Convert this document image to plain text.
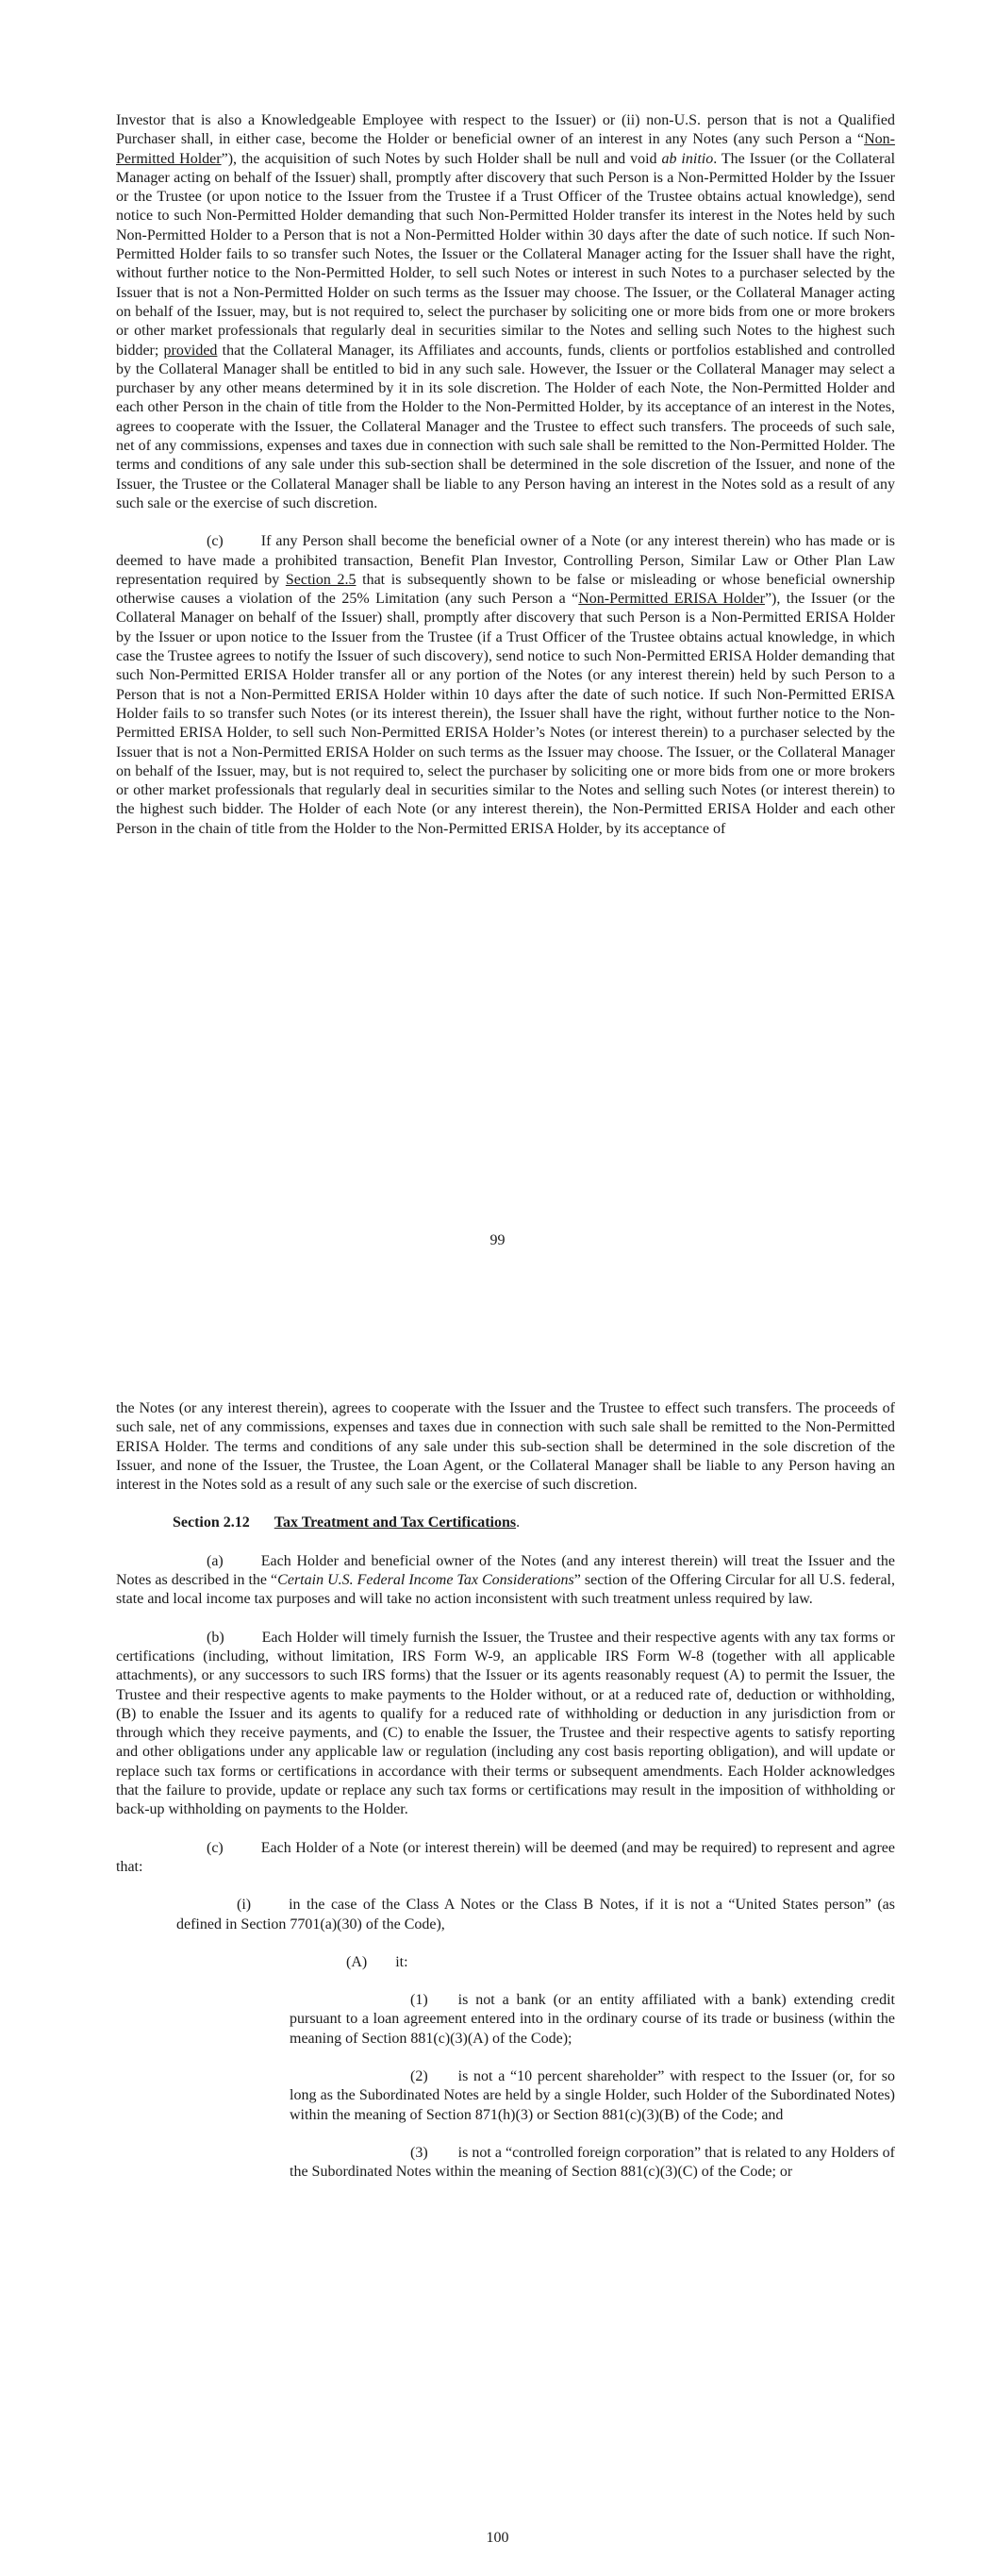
Investor that is also a Knowledgeable Employee with respect to the Issuer) or (ii) non-U.S. person that is not a Qualified Purchaser shall, in either case, become the Holder or beneficial owner of an interest in any Notes (any such Person a “Non-Permitted Holder”), the acquisition of such Notes by such Holder shall be null and void ab initio. The Issuer (or the Collateral Manager acting on behalf of the Issuer) shall, promptly after discovery that such Person is a Non-Permitted Holder by the Issuer or the Trustee (or upon notice to the Issuer from the Trustee if a Trust Officer of the Trustee obtains actual knowledge), send notice to such Non-Permitted Holder demanding that such Non-Permitted Holder transfer its interest in the Notes held by such Non-Permitted Holder to a Person that is not a Non-Permitted Holder within 30 days after the date of such notice. If such Non-Permitted Holder fails to so transfer such Notes, the Issuer or the Collateral Manager acting for the Issuer shall have the right, without further notice to the Non-Permitted Holder, to sell such Notes or interest in such Notes to a purchaser selected by the Issuer that is not a Non-Permitted Holder on such terms as the Issuer may choose. The Issuer, or the Collateral Manager acting on behalf of the Issuer, may, but is not required to, select the purchaser by soliciting one or more bids from one or more brokers or other market professionals that regularly deal in securities similar to the Notes and selling such Notes to the highest such bidder; provided that the Collateral Manager, its Affiliates and accounts, funds, clients or portfolios established and controlled by the Collateral Manager shall be entitled to bid in any such sale. However, the Issuer or the Collateral Manager may select a purchaser by any other means determined by it in its sole discretion. The Holder of each Note, the Non-Permitted Holder and each other Person in the chain of title from the Holder to the Non-Permitted Holder, by its acceptance of an interest in the Notes, agrees to cooperate with the Issuer, the Collateral Manager and the Trustee to effect such transfers. The proceeds of such sale, net of any commissions, expenses and taxes due in connection with such sale shall be remitted to the Non-Permitted Holder. The terms and conditions of any sale under this sub-section shall be determined in the sole discretion of the Issuer, and none of the Issuer, the Trustee or the Collateral Manager shall be liable to any Person having an interest in the Notes sold as a result of any such sale or the exercise of such discretion.

(c)	If any Person shall become the beneficial owner of a Note (or any interest therein) who has made or is deemed to have made a prohibited transaction, Benefit Plan Investor, Controlling Person, Similar Law or Other Plan Law representation required by Section 2.5 that is subsequently shown to be false or misleading or whose beneficial ownership otherwise causes a violation of the 25% Limitation (any such Person a “Non-Permitted ERISA Holder”), the Issuer (or the Collateral Manager on behalf of the Issuer) shall, promptly after discovery that such Person is a Non-Permitted ERISA Holder by the Issuer or upon notice to the Issuer from the Trustee (if a Trust Officer of the Trustee obtains actual knowledge, in which case the Trustee agrees to notify the Issuer of such discovery), send notice to such Non-Permitted ERISA Holder demanding that such Non-Permitted ERISA Holder transfer all or any portion of the Notes (or any interest therein) held by such Person to a Person that is not a Non-Permitted ERISA Holder within 10 days after the date of such notice. If such Non-Permitted ERISA Holder fails to so transfer such Notes (or its interest therein), the Issuer shall have the right, without further notice to the Non-Permitted ERISA Holder, to sell such Non-Permitted ERISA Holder’s Notes (or interest therein) to a purchaser selected by the Issuer that is not a Non-Permitted ERISA Holder on such terms as the Issuer may choose. The Issuer, or the Collateral Manager on behalf of the Issuer, may, but is not required to, select the purchaser by soliciting one or more bids from one or more brokers or other market professionals that regularly deal in securities similar to the Notes and selling such Notes (or interest therein) to the highest such bidder. The Holder of each Note (or any interest therein), the Non-Permitted ERISA Holder and each other Person in the chain of title from the Holder to the Non-Permitted ERISA Holder, by its acceptance of

99

the Notes (or any interest therein), agrees to cooperate with the Issuer and the Trustee to effect such transfers. The proceeds of such sale, net of any commissions, expenses and taxes due in connection with such sale shall be remitted to the Non-Permitted ERISA Holder. The terms and conditions of any sale under this sub-section shall be determined in the sole discretion of the Issuer, and none of the Issuer, the Trustee, the Loan Agent, or the Collateral Manager shall be liable to any Person having an interest in the Notes sold as a result of any such sale or the exercise of such discretion.

Section 2.12 Tax Treatment and Tax Certifications.

(a)	Each Holder and beneficial owner of the Notes (and any interest therein) will treat the Issuer and the Notes as described in the “Certain U.S. Federal Income Tax Considerations” section of the Offering Circular for all U.S. federal, state and local income tax purposes and will take no action inconsistent with such treatment unless required by law.

(b)	Each Holder will timely furnish the Issuer, the Trustee and their respective agents with any tax forms or certifications (including, without limitation, IRS Form W-9, an applicable IRS Form W-8 (together with all applicable attachments), or any successors to such IRS forms) that the Issuer or its agents reasonably request (A) to permit the Issuer, the Trustee and their respective agents to make payments to the Holder without, or at a reduced rate of, deduction or withholding, (B) to enable the Issuer and its agents to qualify for a reduced rate of withholding or deduction in any jurisdiction from or through which they receive payments, and (C) to enable the Issuer, the Trustee and their respective agents to satisfy reporting and other obligations under any applicable law or regulation (including any cost basis reporting obligation), and will update or replace such tax forms or certifications in accordance with their terms or subsequent amendments. Each Holder acknowledges that the failure to provide, update or replace any such tax forms or certifications may result in the imposition of withholding or back-up withholding on payments to the Holder.

(c)	Each Holder of a Note (or interest therein) will be deemed (and may be required) to represent and agree that:

(i)	in the case of the Class A Notes or the Class B Notes, if it is not a “United States person” (as defined in Section 7701(a)(30) of the Code),

(A) it:

(1) is not a bank (or an entity affiliated with a bank) extending credit pursuant to a loan agreement entered into in the ordinary course of its trade or business (within the meaning of Section 881(c)(3)(A) of the Code);

(2) is not a “10 percent shareholder” with respect to the Issuer (or, for so long as the Subordinated Notes are held by a single Holder, such Holder of the Subordinated Notes) within the meaning of Section 871(h)(3) or Section 881(c)(3)(B) of the Code; and

(3) is not a “controlled foreign corporation” that is related to any Holders of the Subordinated Notes within the meaning of Section 881(c)(3)(C) of the Code; or

100
